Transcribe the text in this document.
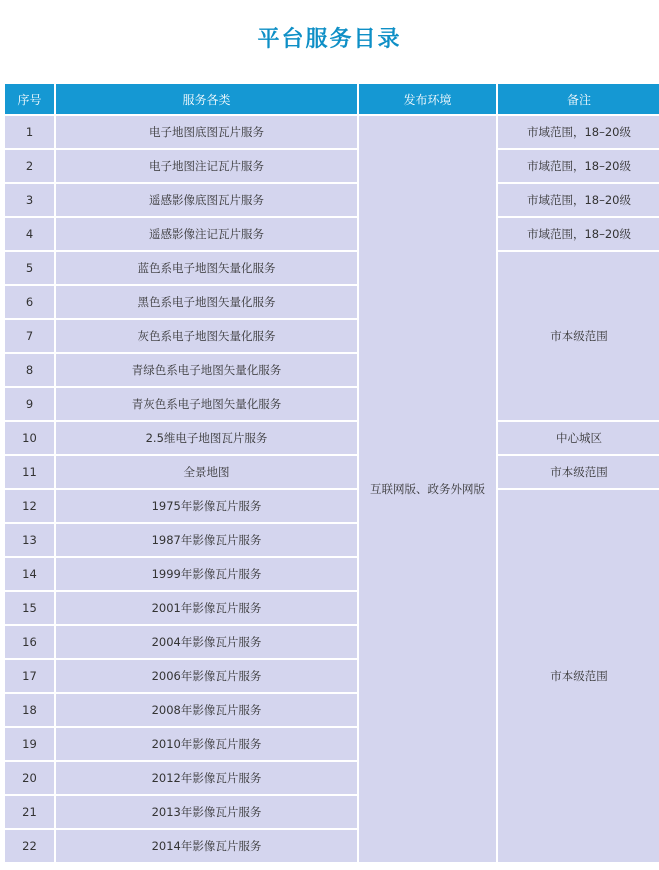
平台服务目录
序号	服务各类	发布环境	备注
1	电子地图底图瓦片服务	互联网版、政务外网版	市域范围，18–20级
2	电子地图注记瓦片服务		市域范围，18–20级
3	遥感影像底图瓦片服务		市域范围，18–20级
4	遥感影像注记瓦片服务		市域范围，18–20级
5	蓝色系电子地图矢量化服务		市本级范围
6	黑色系电子地图矢量化服务		
7	灰色系电子地图矢量化服务		
8	青绿色系电子地图矢量化服务		
9	青灰色系电子地图矢量化服务		
10	2.5维电子地图瓦片服务		中心城区
11	全景地图		市本级范围
12	1975年影像瓦片服务		市本级范围
13	1987年影像瓦片服务		
14	1999年影像瓦片服务		
15	2001年影像瓦片服务		
16	2004年影像瓦片服务		
17	2006年影像瓦片服务		
18	2008年影像瓦片服务		
19	2010年影像瓦片服务		
20	2012年影像瓦片服务		
21	2013年影像瓦片服务		
22	2014年影像瓦片服务		
